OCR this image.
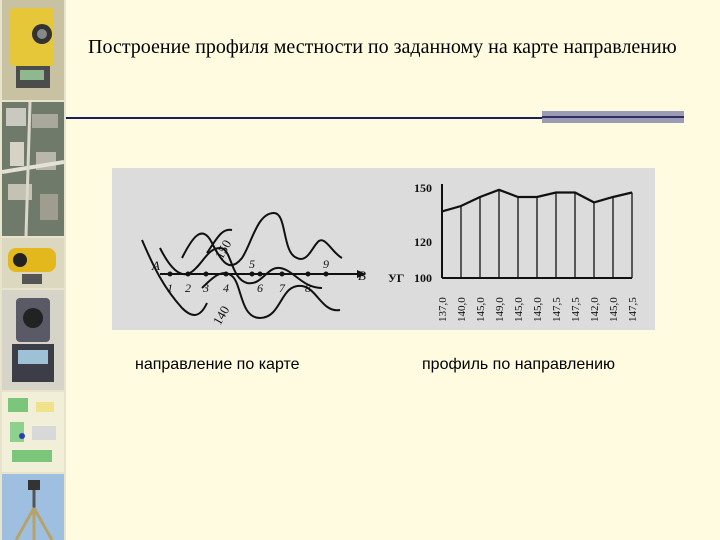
Построение профиля местности по заданному на карте направлению
1 2 3 4
5
6 7 8
9
A
B
150
140
150
120
100
137,0 140,0 145,0 149,0 145,0 145,0 147,5 147,5 142,0 145,0 147,5
УГ
направление по карте	профиль по направлению
